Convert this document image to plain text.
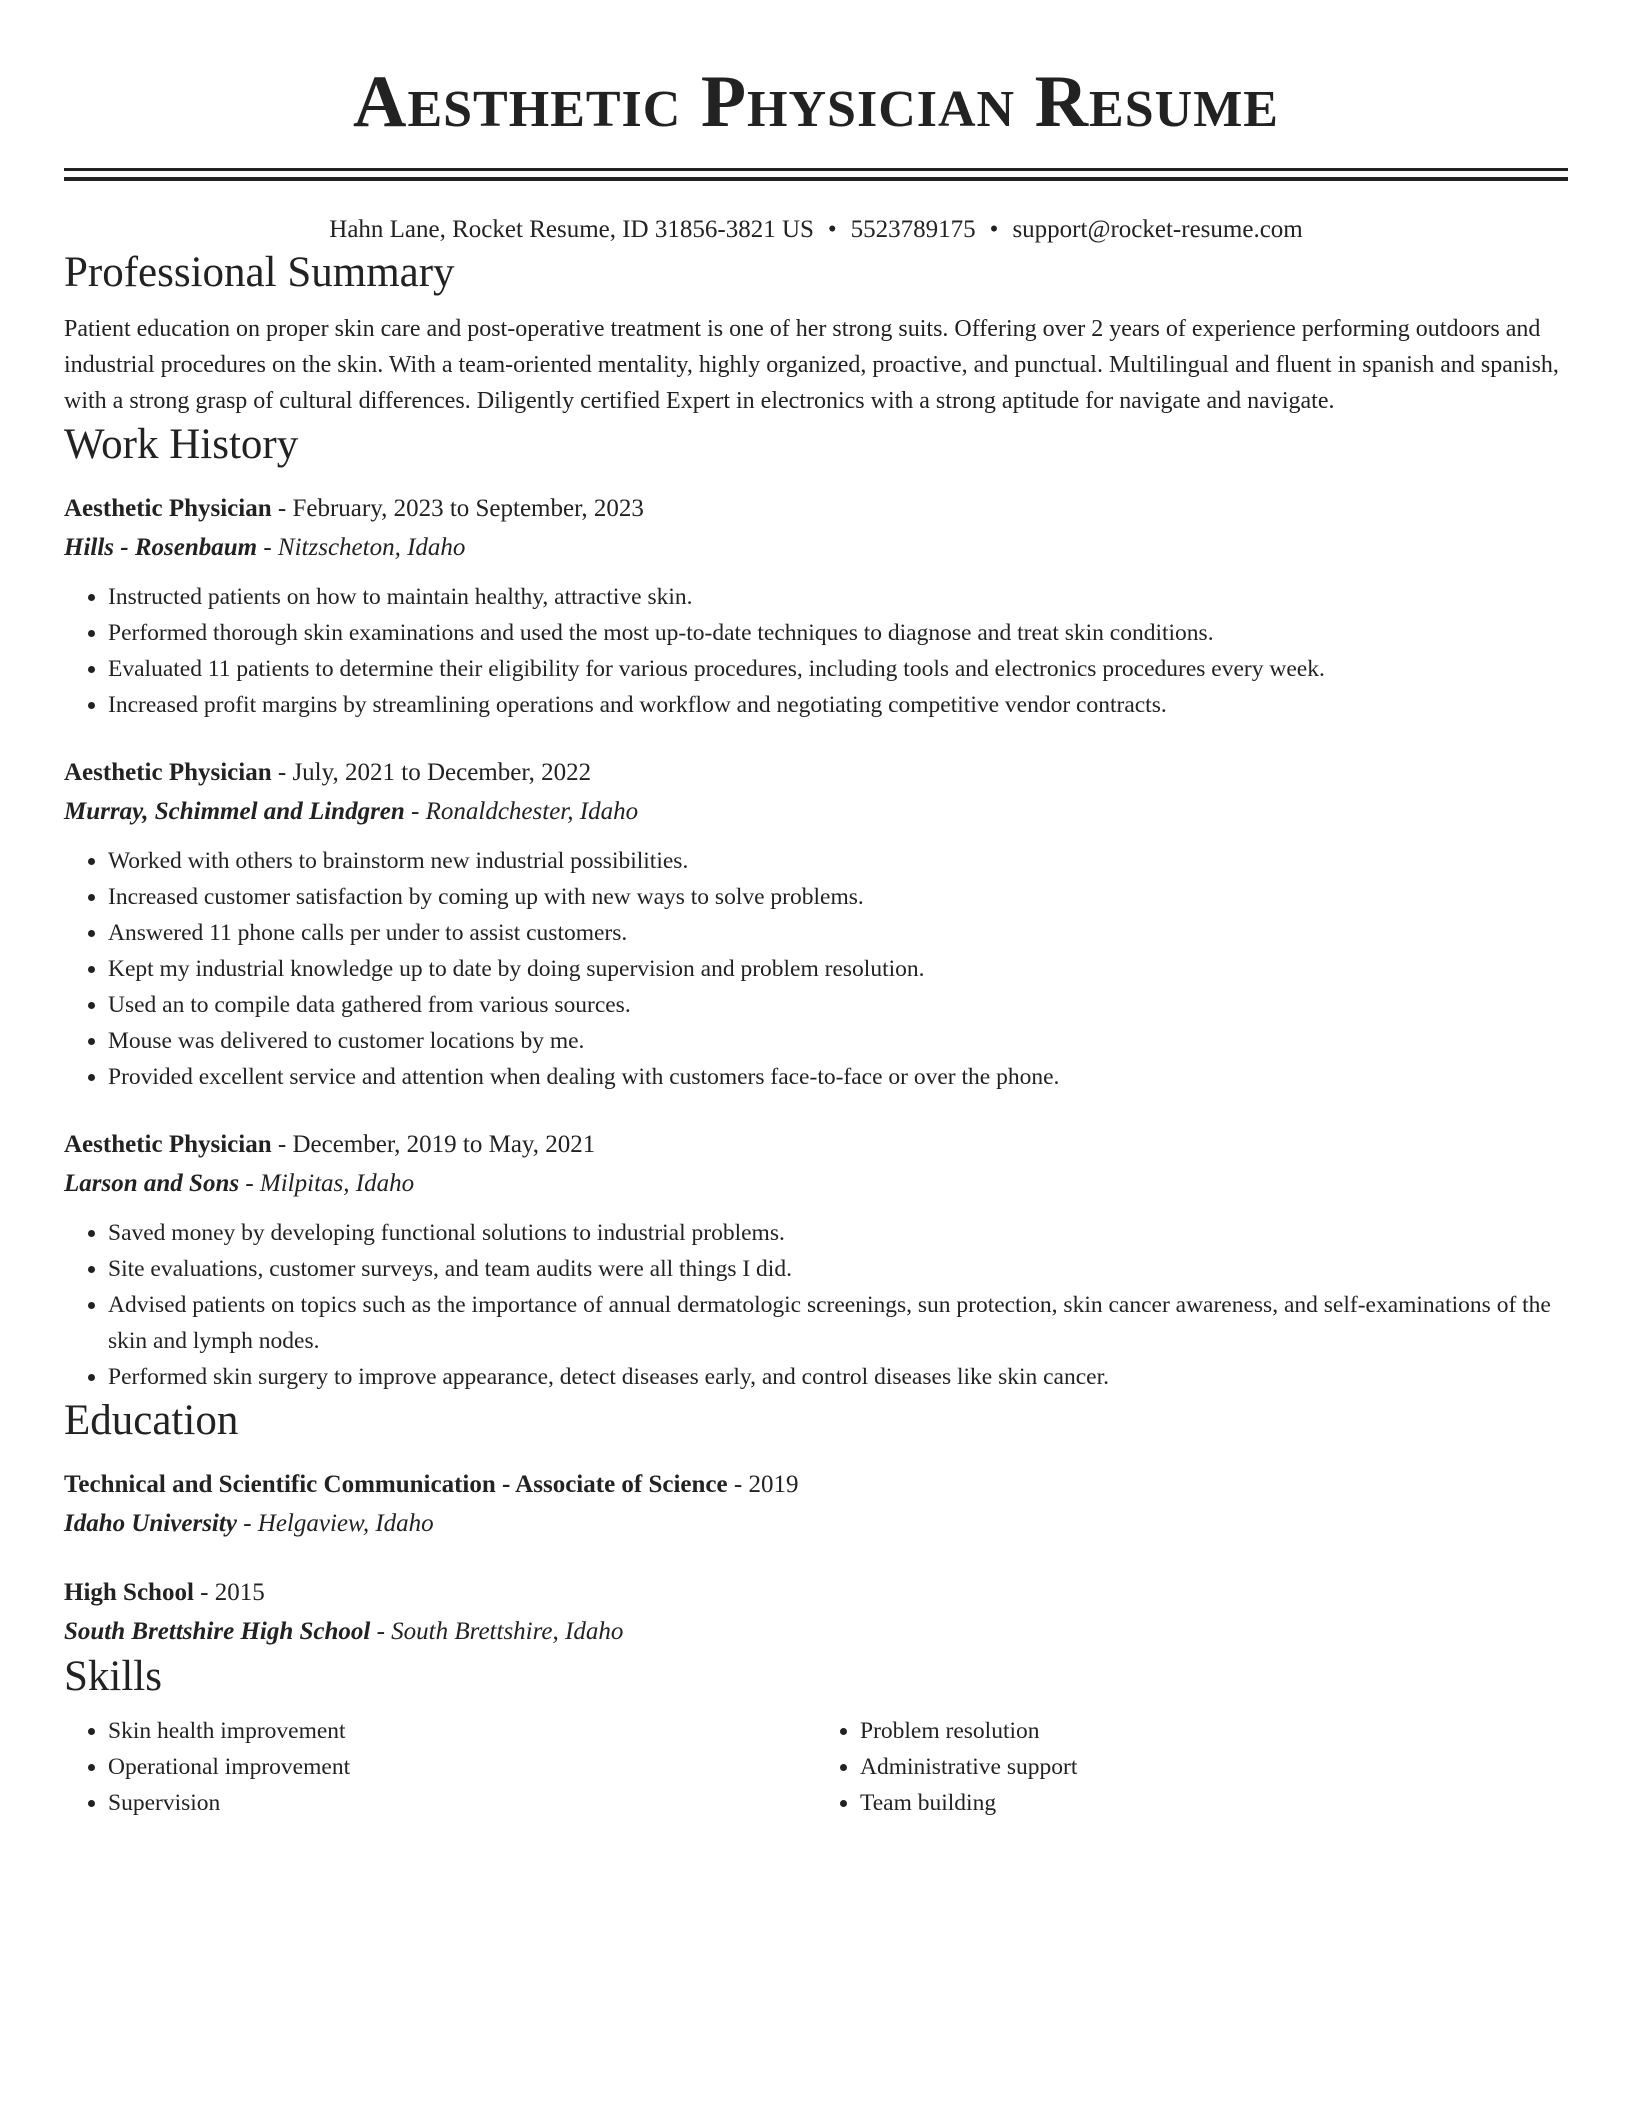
Aesthetic Physician Resume
Hahn Lane, Rocket Resume, ID 31856-3821 US • 5523789175 • support@rocket-resume.com
Professional Summary

Patient education on proper skin care and post-operative treatment is one of her strong suits. Offering over 2 years of experience performing outdoors and industrial procedures on the skin. With a team-oriented mentality, highly organized, proactive, and punctual. Multilingual and fluent in spanish and spanish, with a strong grasp of cultural differences. Diligently certified Expert in electronics with a strong aptitude for navigate and navigate.

Work History
Aesthetic Physician - February, 2023 to September, 2023
Hills - Rosenbaum - Nitzscheton, Idaho
• Instructed patients on how to maintain healthy, attractive skin.
• Performed thorough skin examinations and used the most up-to-date techniques to diagnose and treat skin conditions.
• Evaluated 11 patients to determine their eligibility for various procedures, including tools and electronics procedures every week.
• Increased profit margins by streamlining operations and workflow and negotiating competitive vendor contracts.
Aesthetic Physician - July, 2021 to December, 2022
Murray, Schimmel and Lindgren - Ronaldchester, Idaho
• Worked with others to brainstorm new industrial possibilities.
• Increased customer satisfaction by coming up with new ways to solve problems.
• Answered 11 phone calls per under to assist customers.
• Kept my industrial knowledge up to date by doing supervision and problem resolution.
• Used an to compile data gathered from various sources.
• Mouse was delivered to customer locations by me.
• Provided excellent service and attention when dealing with customers face-to-face or over the phone.
Aesthetic Physician - December, 2019 to May, 2021
Larson and Sons - Milpitas, Idaho
• Saved money by developing functional solutions to industrial problems.
• Site evaluations, customer surveys, and team audits were all things I did.
• Advised patients on topics such as the importance of annual dermatologic screenings, sun protection, skin cancer awareness, and self-examinations of the skin and lymph nodes.
• Performed skin surgery to improve appearance, detect diseases early, and control diseases like skin cancer.
Education
Technical and Scientific Communication - Associate of Science - 2019
Idaho University - Helgaview, Idaho
High School - 2015
South Brettshire High School - South Brettshire, Idaho
Skills
• Skin health improvement
• Operational improvement
• Supervision
• Problem resolution
• Administrative support
• Team building
